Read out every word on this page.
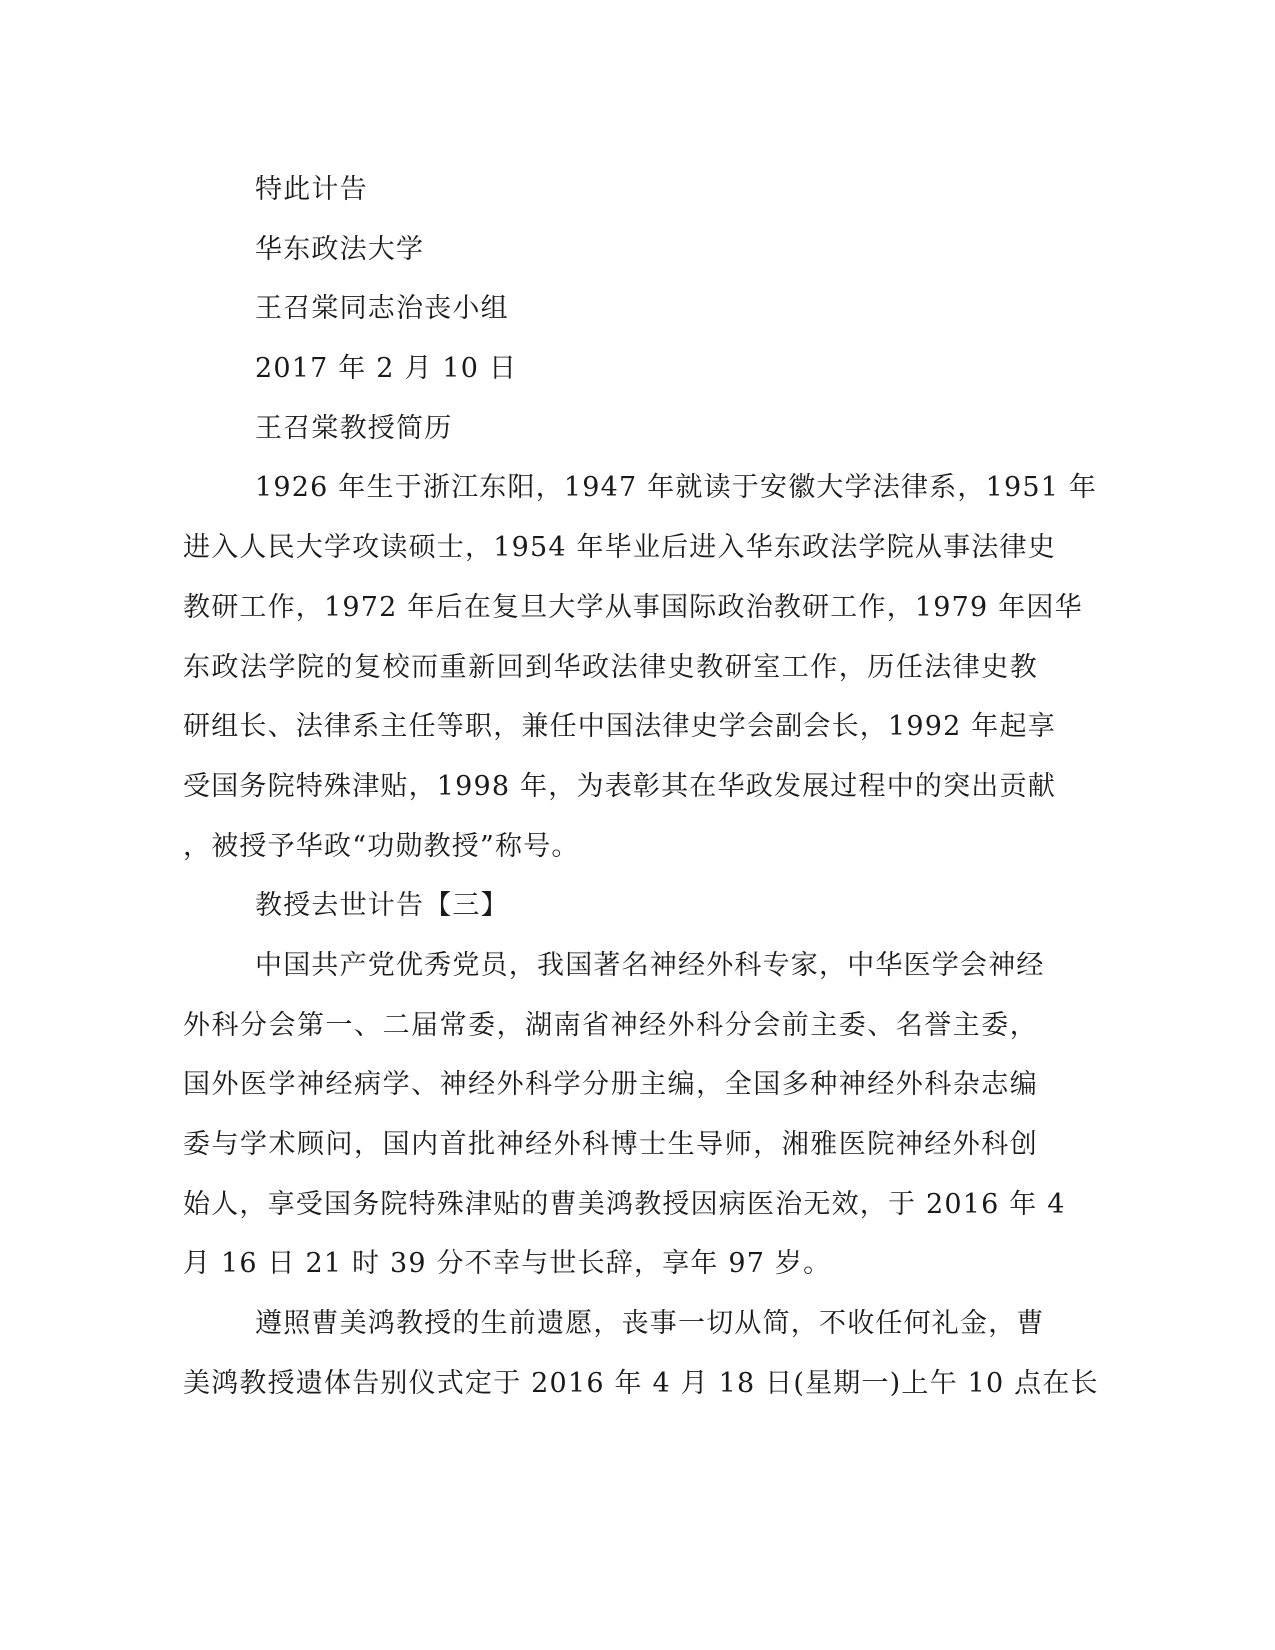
特此计告
华东政法大学
王召棠同志治丧小组
2017 年 2 月 10 日
王召棠教授简历
1926 年生于浙江东阳，1947 年就读于安徽大学法律系，1951 年
进入人民大学攻读硕士，1954 年毕业后进入华东政法学院从事法律史
教研工作，1972 年后在复旦大学从事国际政治教研工作，1979 年因华
东政法学院的复校而重新回到华政法律史教研室工作，历任法律史教
研组长、法律系主任等职，兼任中国法律史学会副会长，1992 年起享
受国务院特殊津贴，1998 年，为表彰其在华政发展过程中的突出贡献
，被授予华政“功勋教授”称号。
教授去世计告【三】
中国共产党优秀党员，我国著名神经外科专家，中华医学会神经
外科分会第一、二届常委，湖南省神经外科分会前主委、名誉主委，
国外医学神经病学、神经外科学分册主编，全国多种神经外科杂志编
委与学术顾问，国内首批神经外科博士生导师，湘雅医院神经外科创
始人，享受国务院特殊津贴的曹美鸿教授因病医治无效，于 2016 年 4
月 16 日 21 时 39 分不幸与世长辞，享年 97 岁。
遵照曹美鸿教授的生前遗愿，丧事一切从简，不收任何礼金，曹
美鸿教授遗体告别仪式定于 2016 年 4 月 18 日(星期一)上午 10 点在长
